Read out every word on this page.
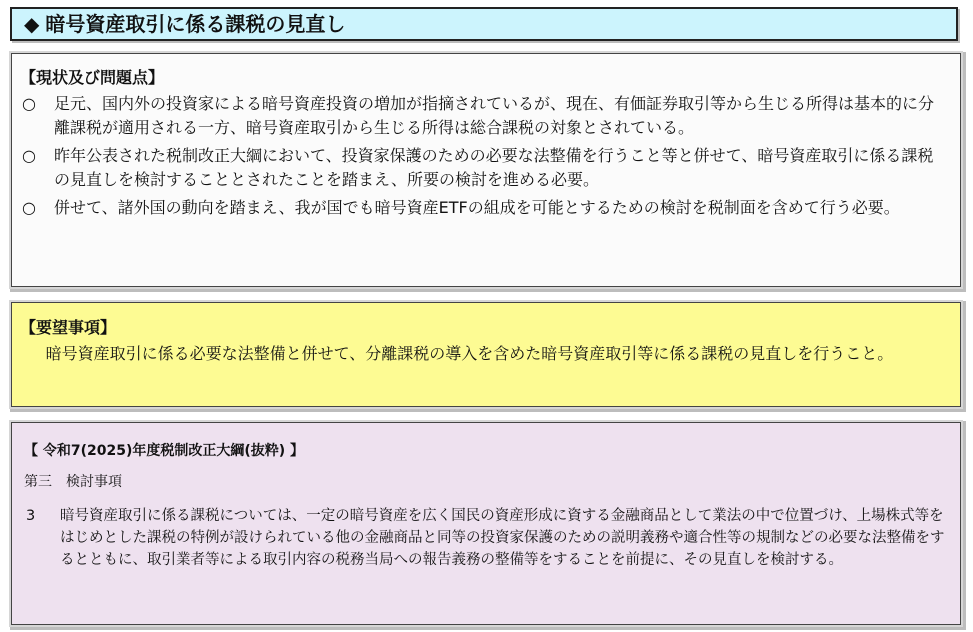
◆ 暗号資産取引に係る課税の見直し
【現状及び問題点】
○	足元、国内外の投資家による暗号資産投資の増加が指摘されているが、現在、有価証券取引等から生じる所得は基本的に分離課税が適用される一方、暗号資産取引から生じる所得は総合課税の対象とされている。
○	昨年公表された税制改正大綱において、投資家保護のための必要な法整備を行うこと等と併せて、暗号資産取引に係る課税の見直しを検討することとされたことを踏まえ、所要の検討を進める必要。
○	併せて、諸外国の動向を踏まえ、我が国でも暗号資産ETFの組成を可能とするための検討を税制面を含めて行う必要。
【要望事項】
暗号資産取引に係る必要な法整備と併せて、分離課税の導入を含めた暗号資産取引等に係る課税の見直しを行うこと。
【 令和7(2025)年度税制改正大綱(抜粋) 】
第三　検討事項
3	暗号資産取引に係る課税については、一定の暗号資産を広く国民の資産形成に資する金融商品として業法の中で位置づけ、上場株式等をはじめとした課税の特例が設けられている他の金融商品と同等の投資家保護のための説明義務や適合性等の規制などの必要な法整備をするとともに、取引業者等による取引内容の税務当局への報告義務の整備等をすることを前提に、その見直しを検討する。
